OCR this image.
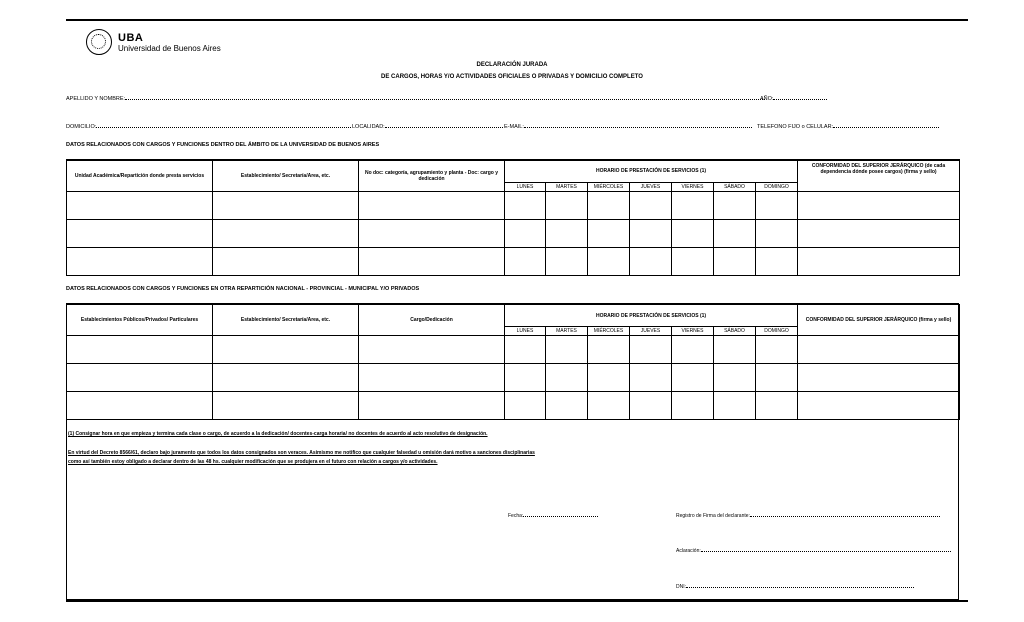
UBA
Universidad de Buenos Aires
DECLARACIÓN JURADA
DE CARGOS, HORAS Y/O ACTIVIDADES OFICIALES O PRIVADAS Y DOMICILIO COMPLETO
APELLIDO Y NOMBRE:	AÑO:
DOMICILIO:	LOCALIDAD:	E-MAIL:	TELEFONO FIJO o CELULAR:
DATOS RELACIONADOS CON CARGOS Y FUNCIONES DENTRO DEL ÁMBITO DE LA UNIVERSIDAD DE BUENOS AIRES
Unidad Académica/Repartición donde presta servicios	Establecimiento/ Secretaría/Area, etc.	No doc: categoría, agrupamiento y planta - Doc: cargo y dedicación	HORARIO DE PRESTACIÓN DE SERVICIOS (1)							CONFORMIDAD DEL SUPERIOR JERÁRQUICO (de cada dependencia dónde posee cargos) (firma y sello)
			LUNES	MARTES	MIÉRCOLES	JUEVES	VIERNES	SÁBADO	DOMINGO	

DATOS RELACIONADOS CON CARGOS Y FUNCIONES EN OTRA REPARTICIÓN NACIONAL - PROVINCIAL - MUNICIPAL Y/O PRIVADOS
Establecimientos Públicos/Privados/ Particulares	Establecimiento/ Secretaría/Area, etc.	Cargo/Dedicación	HORARIO DE PRESTACIÓN DE SERVICIOS (1)							CONFORMIDAD DEL SUPERIOR JERÁRQUICO (firma y sello)
			LUNES	MARTES	MIÉRCOLES	JUEVES	VIERNES	SÁBADO	DOMINGO	

(1) Consignar hora en que empieza y termina cada clase o cargo, de acuerdo a la dedicación/ docentes-carga horaria/ no docentes de acuerdo al acto resolutivo de designación.
En virtud del Decreto 8566/61, declaro bajo juramento que todos los datos consignados son veraces. Asimismo me notifico que cualquier falsedad u omisión dará motivo a sanciones disciplinarias
como así también estoy obligado a declarar dentro de las 48 hs. cualquier modificación que se produjera en el futuro con relación a cargos y/o actividades.
Fecha:	Registro de Firma del declarante:
Aclaración:
DNI:
